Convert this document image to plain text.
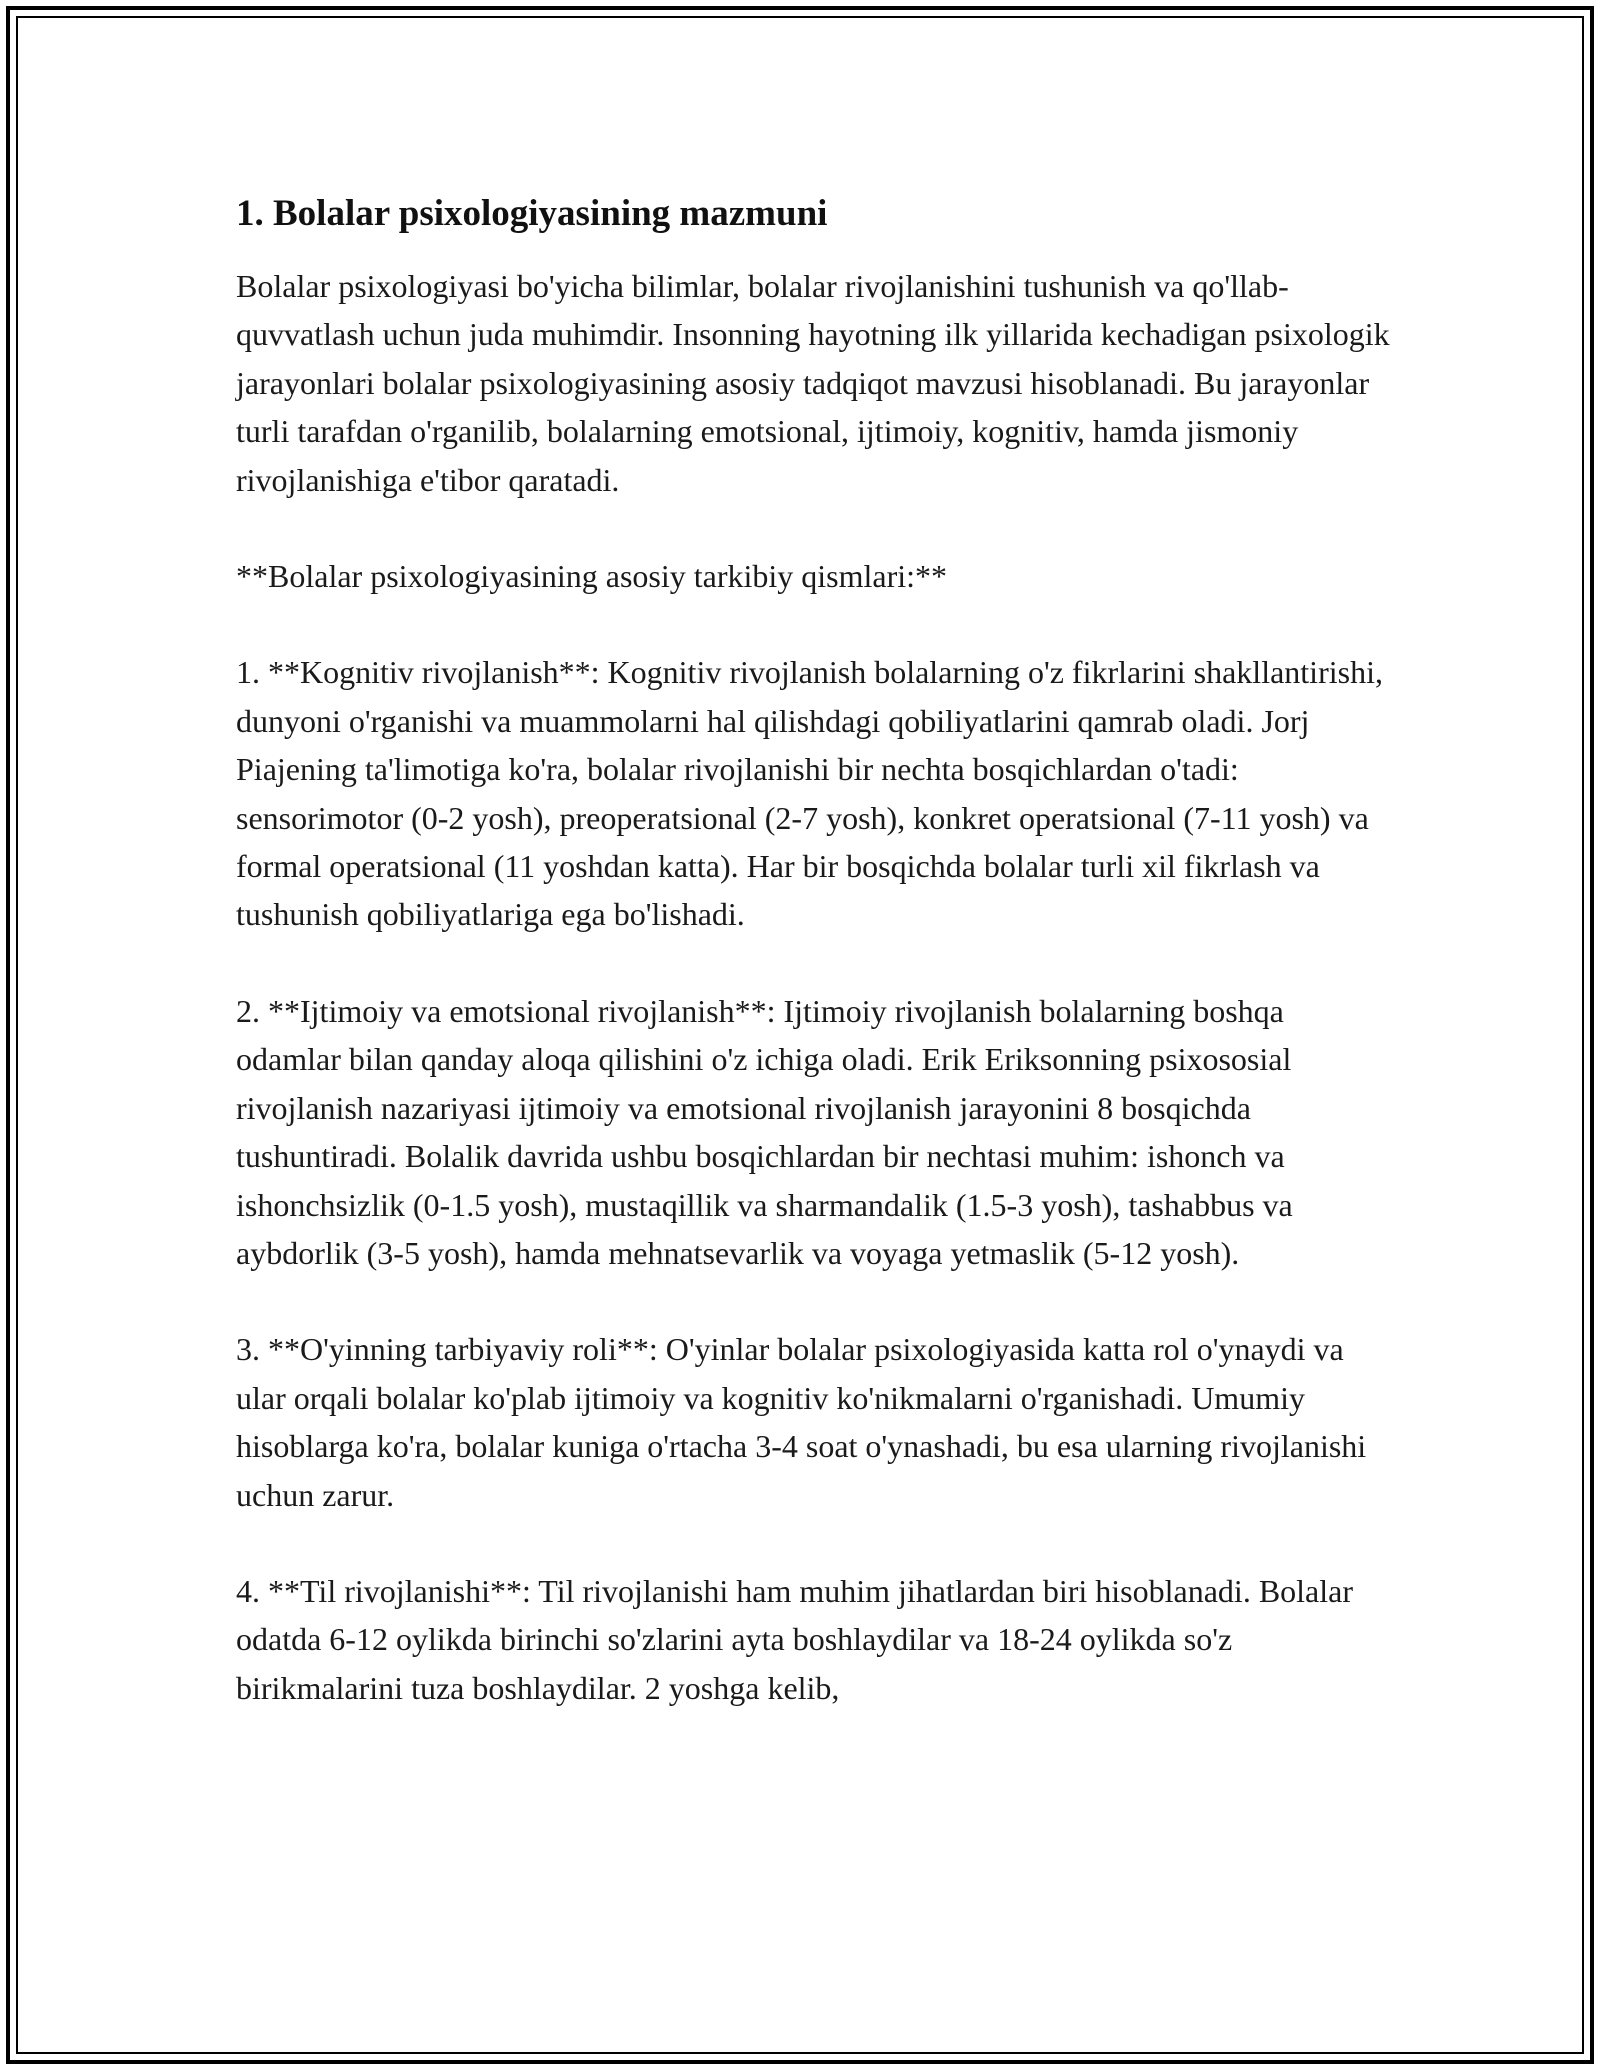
1. Bolalar psixologiyasining mazmuni

Bolalar psixologiyasi bo'yicha bilimlar, bolalar rivojlanishini tushunish va qo'llab-quvvatlash uchun juda muhimdir. Insonning hayotning ilk yillarida kechadigan psixologik jarayonlari bolalar psixologiyasining asosiy tadqiqot mavzusi hisoblanadi. Bu jarayonlar turli tarafdan o'rganilib, bolalarning emotsional, ijtimoiy, kognitiv, hamda jismoniy rivojlanishiga e'tibor qaratadi.

**Bolalar psixologiyasining asosiy tarkibiy qismlari:**

1. **Kognitiv rivojlanish**: Kognitiv rivojlanish bolalarning o'z fikrlarini shakllantirishi, dunyoni o'rganishi va muammolarni hal qilishdagi qobiliyatlarini qamrab oladi. Jorj Piajening ta'limotiga ko'ra, bolalar rivojlanishi bir nechta bosqichlardan o'tadi: sensorimotor (0-2 yosh), preoperatsional (2-7 yosh), konkret operatsional (7-11 yosh) va formal operatsional (11 yoshdan katta). Har bir bosqichda bolalar turli xil fikrlash va tushunish qobiliyatlariga ega bo'lishadi.

2. **Ijtimoiy va emotsional rivojlanish**: Ijtimoiy rivojlanish bolalarning boshqa odamlar bilan qanday aloqa qilishini o'z ichiga oladi. Erik Eriksonning psixososial rivojlanish nazariyasi ijtimoiy va emotsional rivojlanish jarayonini 8 bosqichda tushuntiradi. Bolalik davrida ushbu bosqichlardan bir nechtasi muhim: ishonch va ishonchsizlik (0-1.5 yosh), mustaqillik va sharmandalik (1.5-3 yosh), tashabbus va aybdorlik (3-5 yosh), hamda mehnatsevarlik va voyaga yetmaslik (5-12 yosh).

3. **O'yinning tarbiyaviy roli**: O'yinlar bolalar psixologiyasida katta rol o'ynaydi va ular orqali bolalar ko'plab ijtimoiy va kognitiv ko'nikmalarni o'rganishadi. Umumiy hisoblarga ko'ra, bolalar kuniga o'rtacha 3-4 soat o'ynashadi, bu esa ularning rivojlanishi uchun zarur.

4. **Til rivojlanishi**: Til rivojlanishi ham muhim jihatlardan biri hisoblanadi. Bolalar odatda 6-12 oylikda birinchi so'zlarini ayta boshlaydilar va 18-24 oylikda so'z birikmalarini tuza boshlaydilar. 2 yoshga kelib,
